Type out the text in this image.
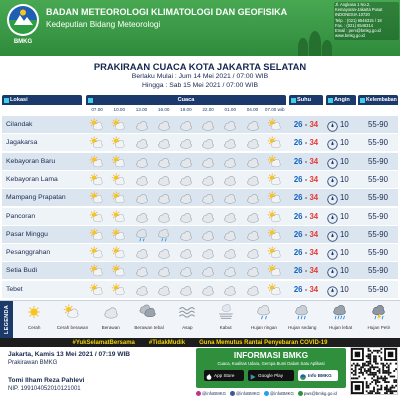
BMKG
BADAN METEOROLOGI KLIMATOLOGI DAN GEOFISIKA
Kedeputian Bidang Meteorologi
Jl. Angkasa 1 No.2,
Kemayoran-Jakarta Pusat
INDONESIA 10720
Telp. : (021) 6546315 / 18
Fax. : (021) 6546314
Email : pers@bmkg.go.id
www.bmkg.go.id
PRAKIRAAN CUACA KOTA JAKARTA SELATAN
Berlaku Mulai : Jum 14 Mei 2021 / 07:00 WIB
Hingga : Sab 15 Mei 2021 / 07:00 WIB
Lokasi	Cuaca	Suhu	Angin	Kelembaban
07.00	10.00	13.00	16.00	19.00	22.00	01.00	04.00	07.00 wib
Cilandak	26 - 34	10	55-90
Jagakarsa	26 - 34	10	55-90
Kebayoran Baru	26 - 34	10	55-90
Kebayoran Lama	26 - 34	10	55-90
Mampang Prapatan	26 - 34	10	55-90
Pancoran	26 - 34	10	55-90
Pasar Minggu	26 - 34	10	55-90
Pesanggrahan	26 - 34	10	55-90
Setia Budi	26 - 34	10	55-90
Tebet	26 - 34	10	55-90
LEGENDA	Cerah	Cerah berawan	Berawan	Berawan tebal	Asap	Kabut	Hujan ringan	Hujan sedang	Hujan lebat	Hujan Petir
#YukSelamatBersama #TidakMudik Guna Memutus Rantai Penyebaran COVID-19
Jakarta, Kamis 13 Mei 2021 / 07:19 WIB
Prakirawan BMKG
Tomi Ilham Reza Pahlevi
NIP. 199104052010121001
INFORMASI BMKG
Cuaca, Kualitas Udara, Gempa Bumi Dalam Satu Aplikasi
App Store	Google Play	Info BMKG
@infoBMKG @infoBMKG @infoBMKG pws@bmkg.go.id
